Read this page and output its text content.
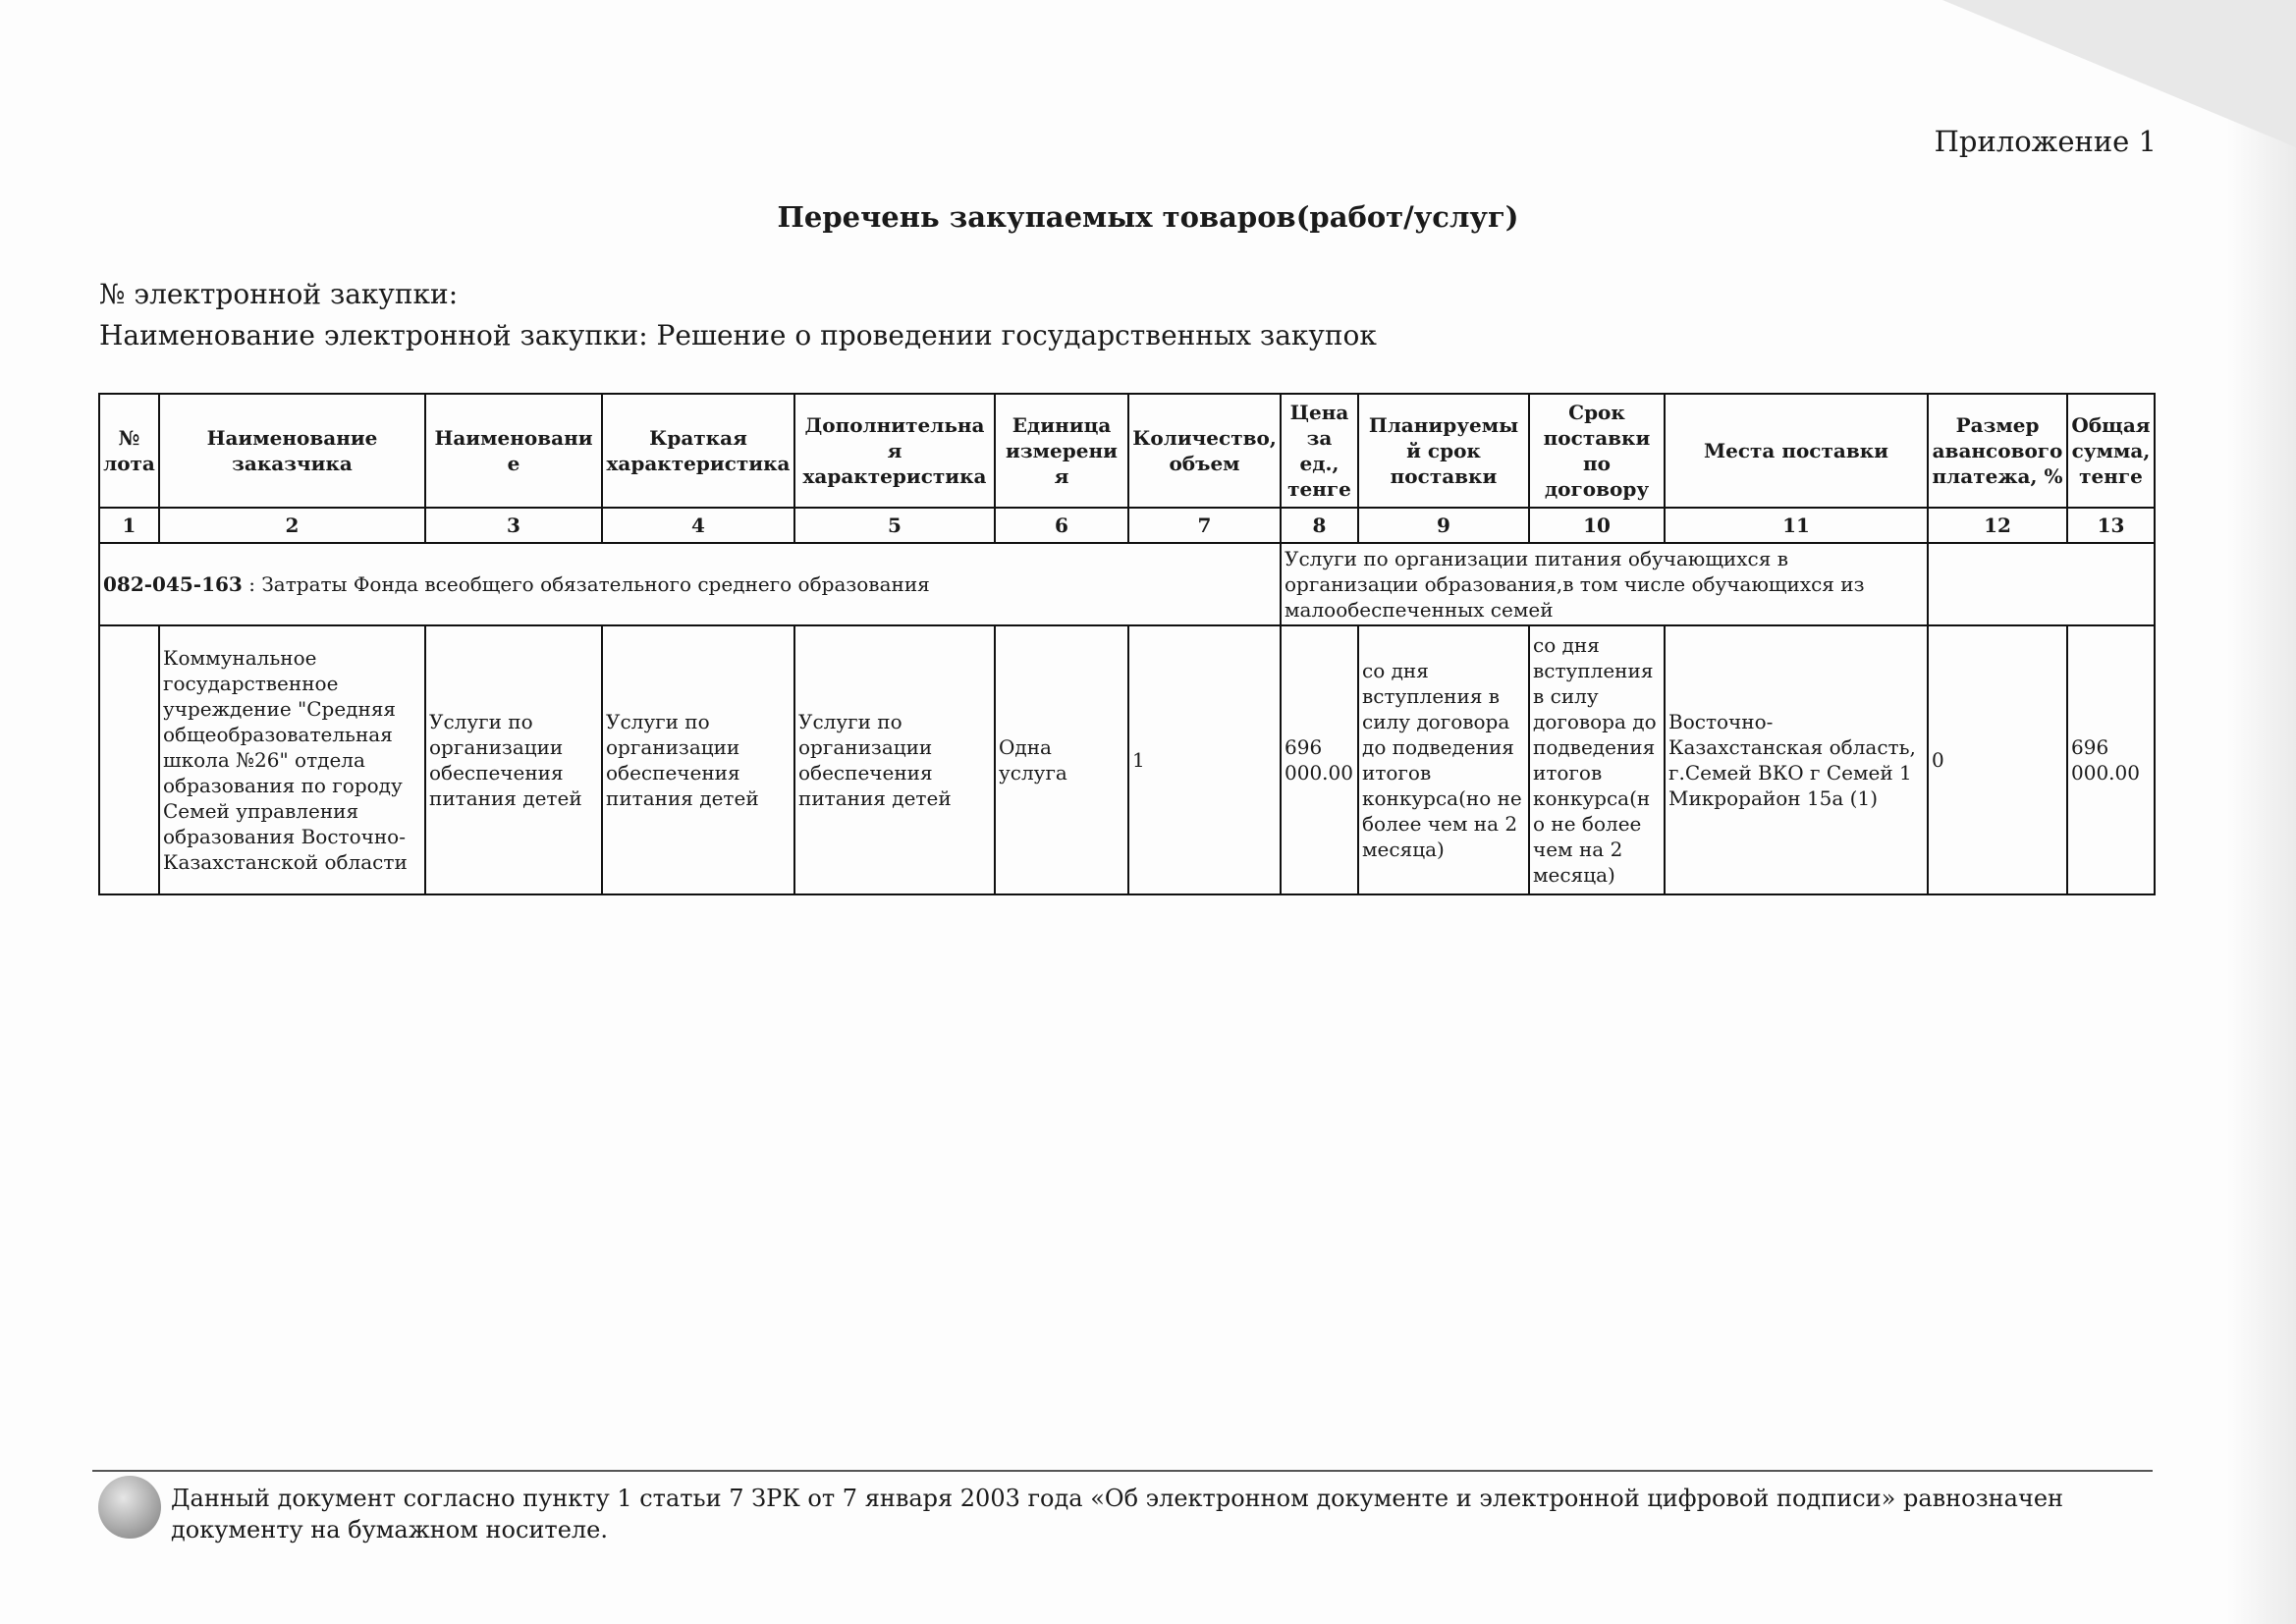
Приложение 1
Перечень закупаемых товаров(работ/услуг)
№ электронной закупки:
Наименование электронной закупки: Решение о проведении государственных закупок
№ лота	Наименование заказчика	Наименование	Краткая характеристика	Дополнительная характеристика	Единица измерения	Количество, объем	Цена за ед., тенге	Планируемый срок поставки	Срок поставки по договору	Места поставки	Размер авансового платежа, %	Общая сумма, тенге
1	2	3	4	5	6	7	8	9	10	11	12	13
082-045-163 : Затраты Фонда всеобщего обязательного среднего образования							Услуги по организации питания обучающихся в организации образования,в том числе обучающихся из малообеспеченных семей					
	Коммунальное государственное учреждение "Средняя общеобразовательная школа №26" отдела образования по городу Семей управления образования Восточно-Казахстанской области	Услуги по организации обеспечения питания детей	Услуги по организации обеспечения питания детей	Услуги по организации обеспечения питания детей	Одна услуга	1	696 000.00	со дня вступления в силу договора до подведения итогов конкурса(но не более чем на 2 месяца)	со дня вступления в силу договора до подведения итогов конкурса(но не более чем на 2 месяца)	Восточно-Казахстанская область, г.Семей ВКО г Семей 1 Микрорайон 15а (1)	0	696 000.00
Данный документ согласно пункту 1 статьи 7 ЗРК от 7 января 2003 года «Об электронном документе и электронной цифровой подписи» равнозначен документу на бумажном носителе.
